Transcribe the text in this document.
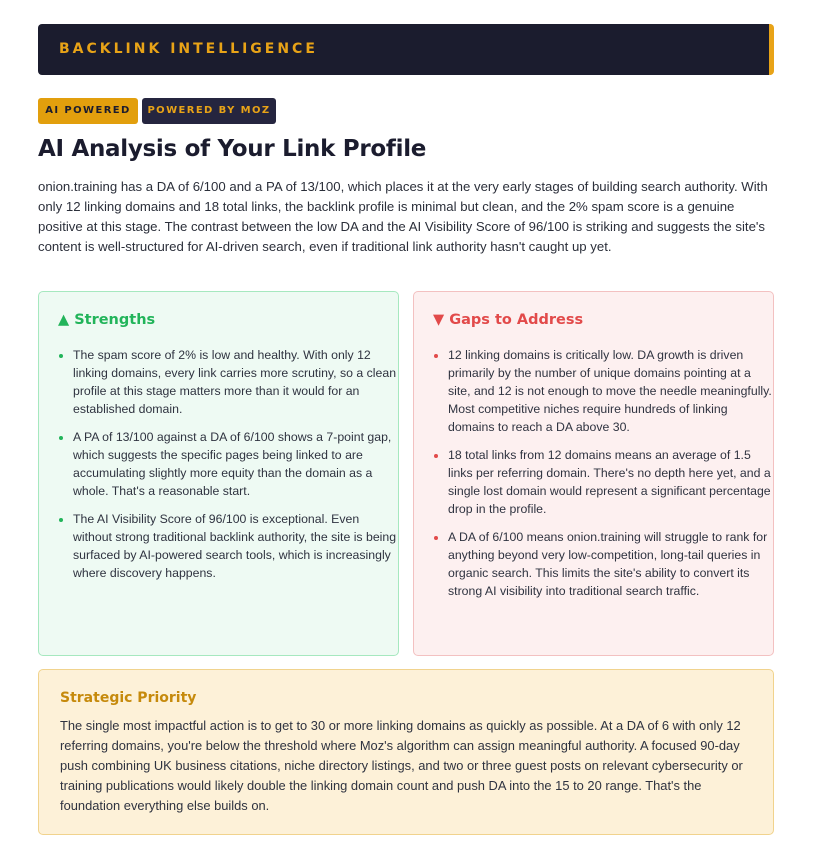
BACKLINK INTELLIGENCE
AI POWERED	POWERED BY MOZ
AI Analysis of Your Link Profile

onion.training has a DA of 6/100 and a PA of 13/100, which places it at the very early stages of building search authority. With only 12 linking domains and 18 total links, the backlink profile is minimal but clean, and the 2% spam score is a genuine positive at this stage. The contrast between the low DA and the AI Visibility Score of 96/100 is striking and suggests the site's content is well-structured for AI-driven search, even if traditional link authority hasn't caught up yet.

▲ Strengths
• The spam score of 2% is low and healthy. With only 12 linking domains, every link carries more scrutiny, so a clean profile at this stage matters more than it would for an established domain.
• A PA of 13/100 against a DA of 6/100 shows a 7-point gap, which suggests the specific pages being linked to are accumulating slightly more equity than the domain as a whole. That's a reasonable start.
• The AI Visibility Score of 96/100 is exceptional. Even without strong traditional backlink authority, the site is being surfaced by AI-powered search tools, which is increasingly where discovery happens.
▼ Gaps to Address
• 12 linking domains is critically low. DA growth is driven primarily by the number of unique domains pointing at a site, and 12 is not enough to move the needle meaningfully. Most competitive niches require hundreds of linking domains to reach a DA above 30.
• 18 total links from 12 domains means an average of 1.5 links per referring domain. There's no depth here yet, and a single lost domain would represent a significant percentage drop in the profile.
• A DA of 6/100 means onion.training will struggle to rank for anything beyond very low-competition, long-tail queries in organic search. This limits the site's ability to convert its strong AI visibility into traditional search traffic.
Strategic Priority

The single most impactful action is to get to 30 or more linking domains as quickly as possible. At a DA of 6 with only 12 referring domains, you're below the threshold where Moz's algorithm can assign meaningful authority. A focused 90-day push combining UK business citations, niche directory listings, and two or three guest posts on relevant cybersecurity or training publications would likely double the linking domain count and push DA into the 15 to 20 range. That's the foundation everything else builds on.
